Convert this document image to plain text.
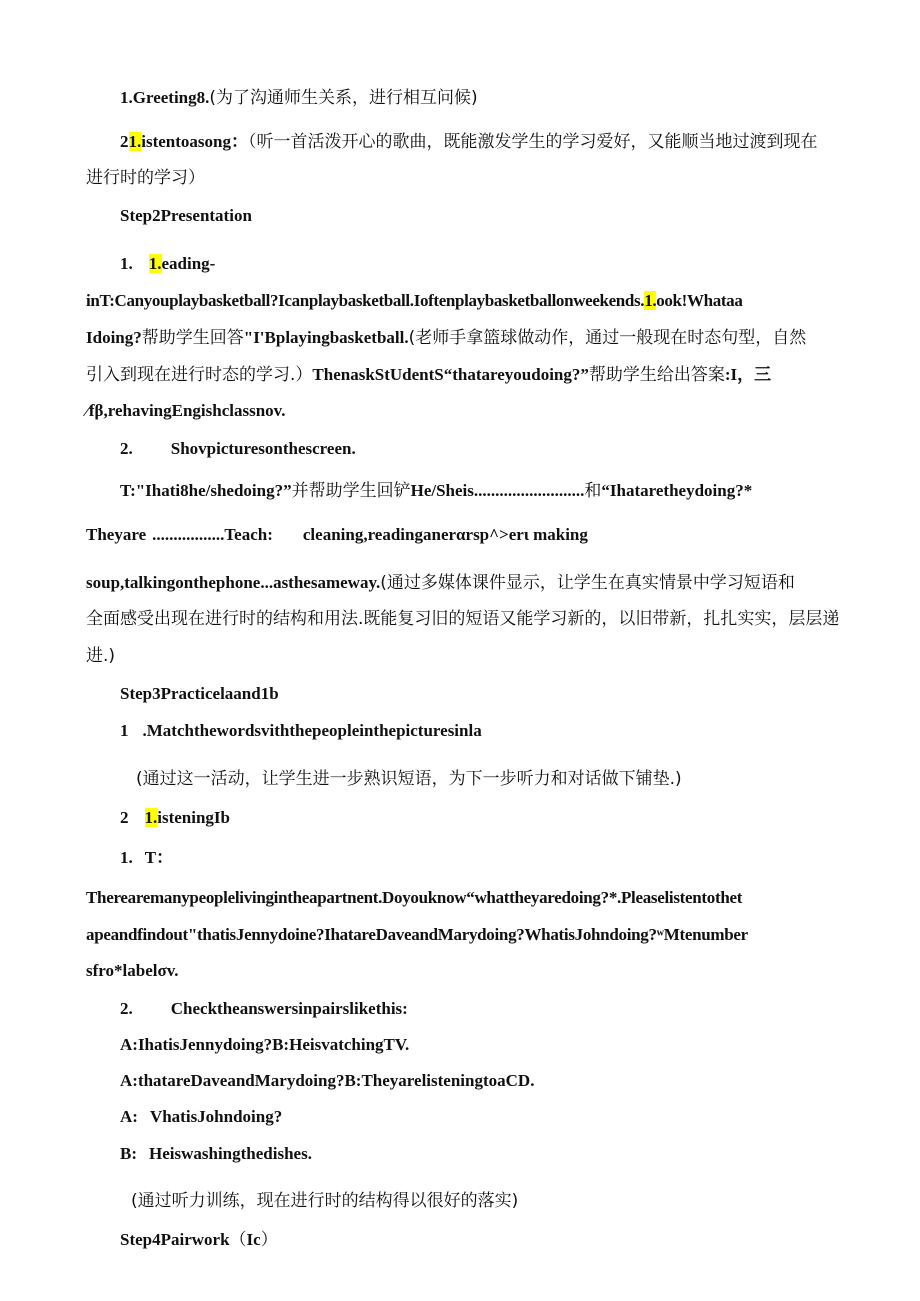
1.Greeting8.(为了沟通师生关系，进行相互问候)
21.istentoasong：（听一首活泼开心的歌曲，既能激发学生的学习爱好，又能顺当地过渡到现在
进行时的学习）
Step2Presentation
1. 1.eading-
inT:Canyouplaybasketball?Icanplaybasketball.Ioftenplaybasketballonweekends.1.ook!Whataa
Idoing?帮助学生回答"I'Bplayingbasketball.(老师手拿篮球做动作，通过一般现在时态句型，自然
引入到现在进行时态的学习.）ThenaskStUdentS“thatareyoudoing?”帮助学生给出答案:I，三
⁄fβ,rehavingEngishclassnov.
2. Shovpicturesonthescreen.
T:"Ihati8he/shedoing?”并帮助学生回铲He/Sheis..........................和“Ihataretheydoing?*
Theyare .................Teach: cleaning,readinganerαrsp^>erι making
soup,talkingonthephone...asthesameway.(通过多媒体课件显示，让学生在真实情景中学习短语和
全面感受出现在进行时的结构和用法.既能复习旧的短语又能学习新的，以旧带新，扎扎实实，层层递
进.)
Step3Practicelaand1b
1 .Matchthewordsviththepeopleinthepicturesinla
(通过这一活动，让学生进一步熟识短语，为下一步听力和对话做下铺垫.)
2 1.isteningIb
1. T：
Therearemanypeoplelivingintheapartnent.Doyouknow“whattheyaredoing?*.Pleaselistentothet
apeandfindout"thatisJennydoine?IhatareDaveandMarydoing?WhatisJohndoing?ʷMtenumber
sfro*labelσv.
2. Checktheanswersinpairslikethis:
A:IhatisJennydoing?B:HeisvatchingTV.
A:thatareDaveandMarydoing?B:TheyarelisteningtoaCD.
A: VhatisJohndoing?
B: Heiswashingthedishes.
(通过听力训练，现在进行时的结构得以很好的落实)
Step4Pairwork（Ic）
